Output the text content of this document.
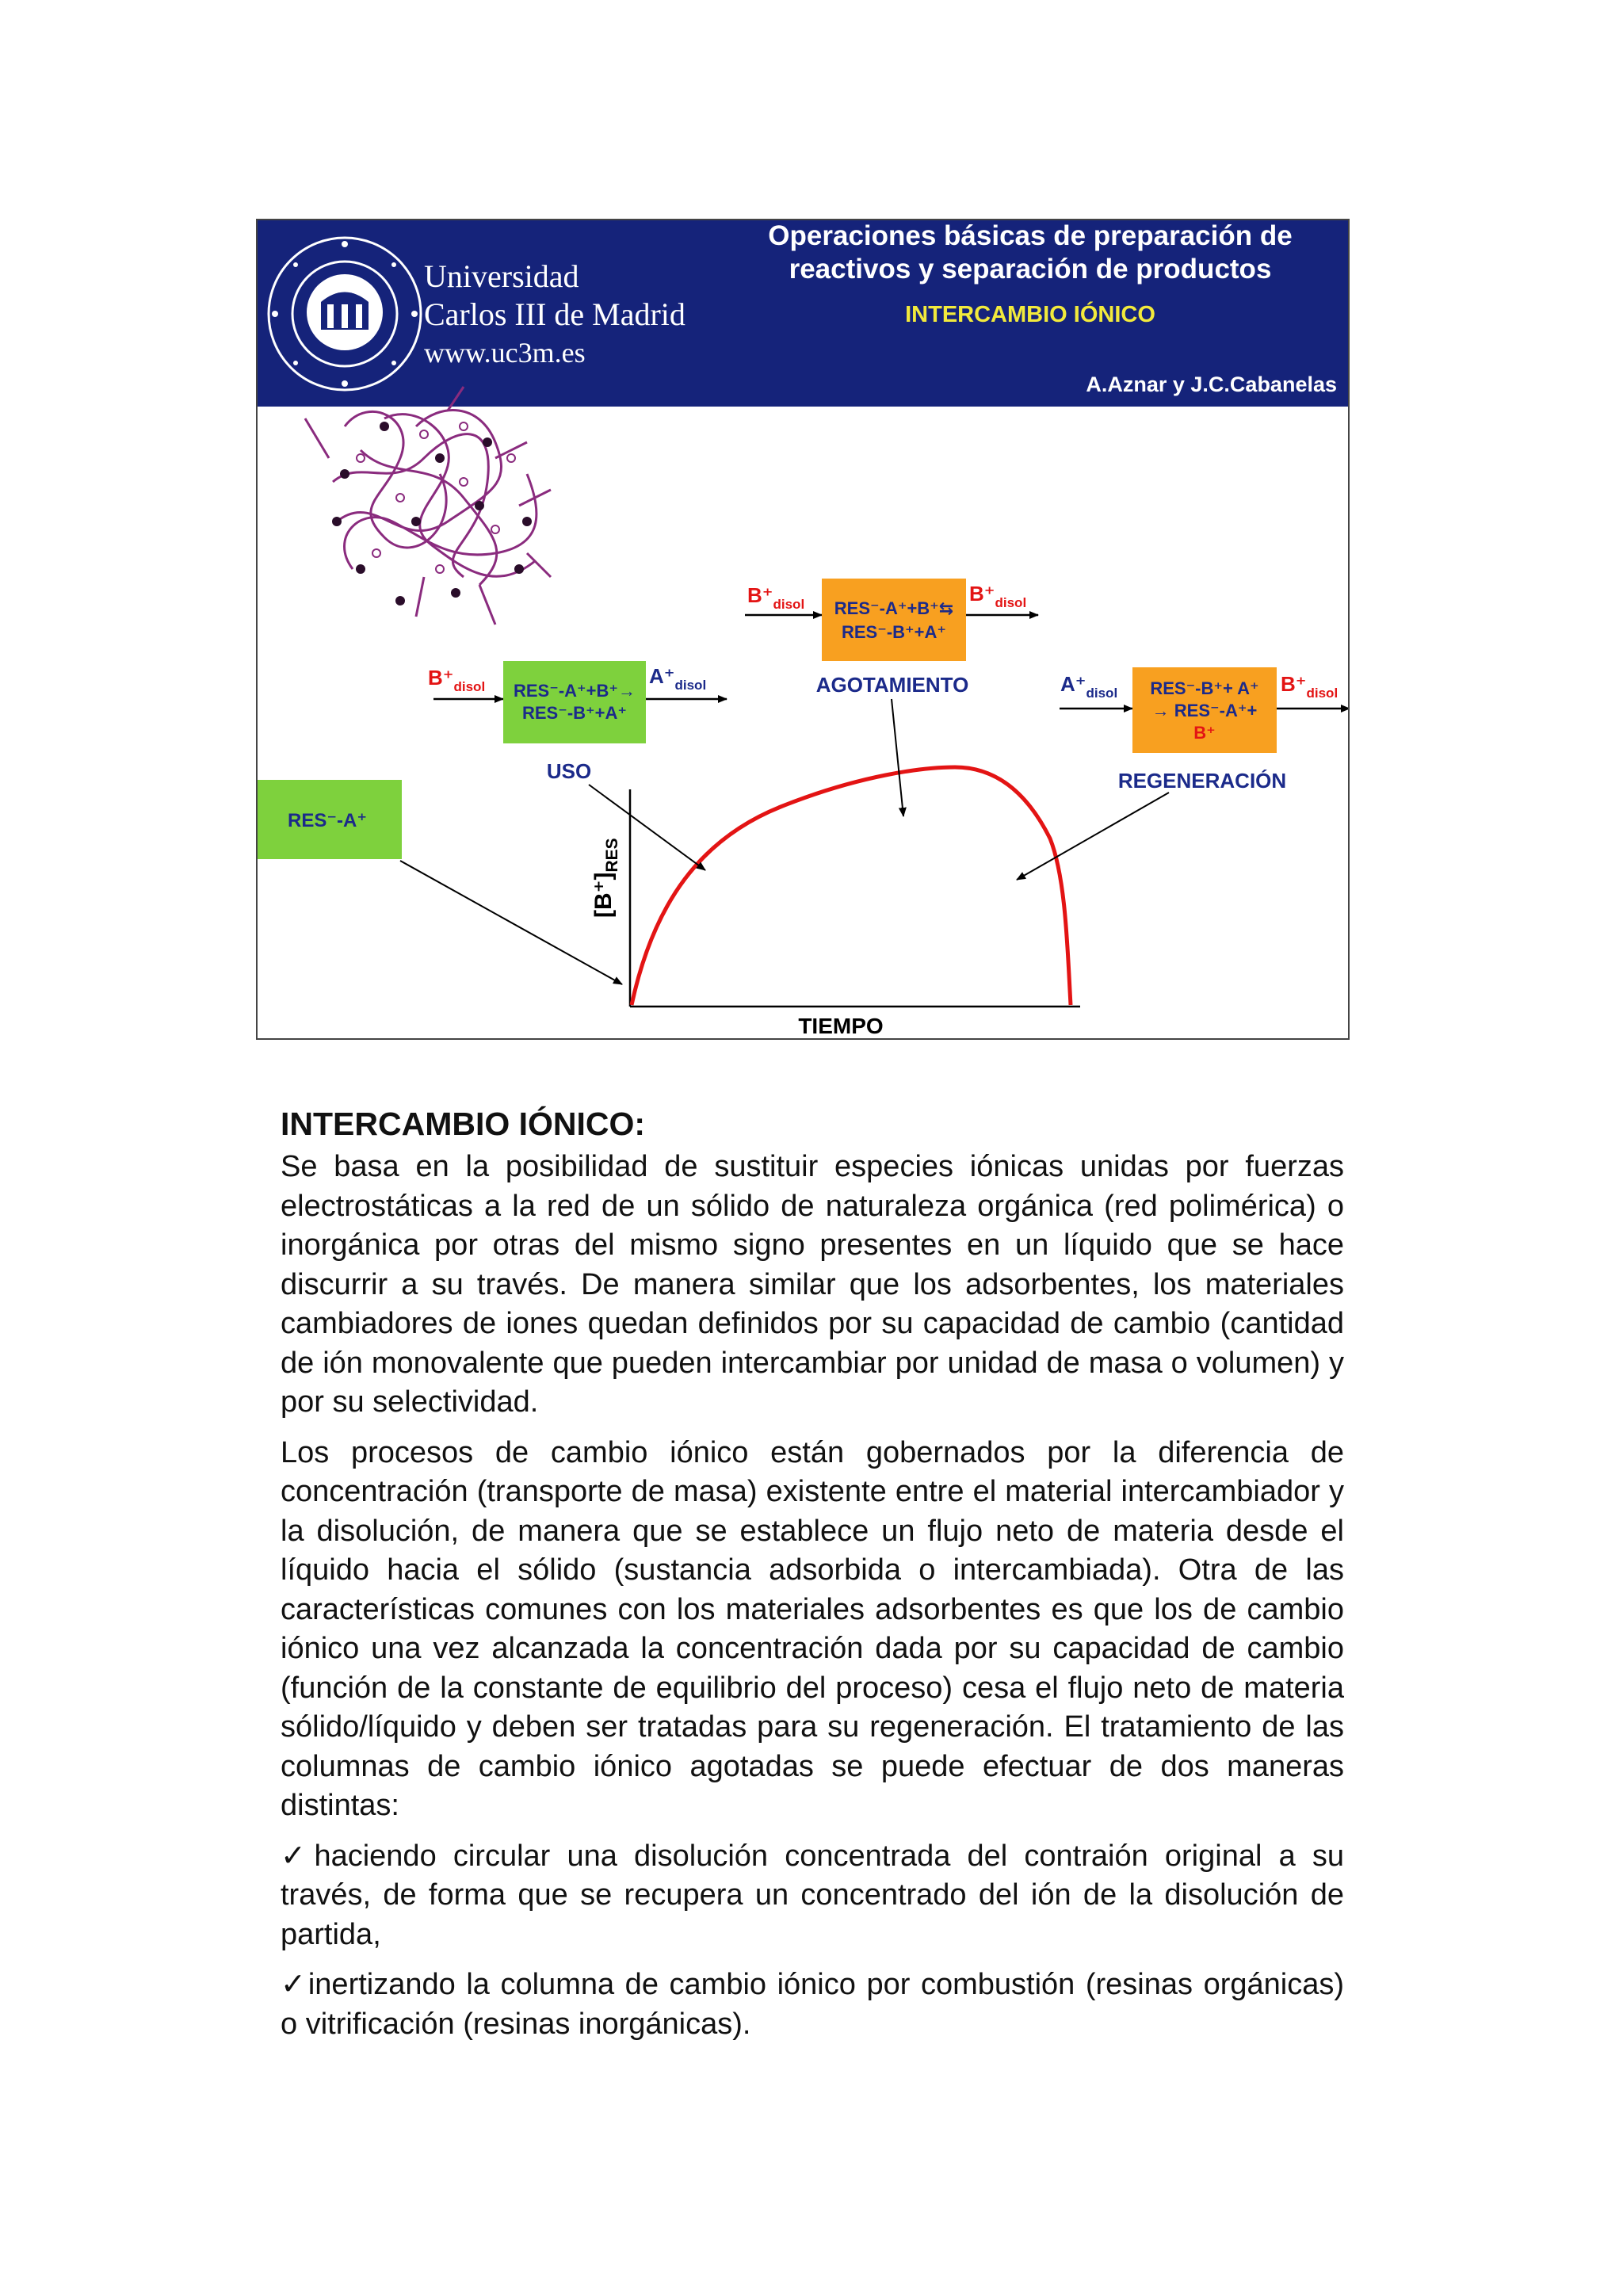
Universidad
Carlos III de Madrid
www.uc3m.es
Operaciones básicas de preparación de
reactivos y separación de productos
INTERCAMBIO IÓNICO
A.Aznar y J.C.Cabanelas
$B^+_{disol}$ RES⁻-A⁺+B⁺⇆
RES⁻-B⁺+A⁺
$B^+_{disol}$
AGOTAMIENTO
$B^+_{disol}$ RES⁻-A⁺+B⁺→
RES⁻-B⁺+A⁺
$A^+_{disol}$
USO
$A^+_{disol}$ RES⁻-B⁺+ A⁺
→ RES⁻-A⁺+
B⁺
$B^+_{disol}$
REGENERACIÓN
RES⁻-A⁺
$[B^+]_{RES}$
TIEMPO
INTERCAMBIO IÓNICO:

Se basa en la posibilidad de sustituir especies iónicas unidas por fuerzas electrostáticas a la red de un sólido de naturaleza orgánica (red polimérica) o inorgánica por otras del mismo signo presentes en un líquido que se hace discurrir a su través. De manera similar que los adsorbentes, los materiales cambiadores de iones quedan definidos por su capacidad de cambio (cantidad de ión monovalente que pueden intercambiar por unidad de masa o volumen) y por su selectividad.

Los procesos de cambio iónico están gobernados por la diferencia de concentración (transporte de masa) existente entre el material intercambiador y la disolución, de manera que se establece un flujo neto de materia desde el líquido hacia el sólido (sustancia adsorbida o intercambiada). Otra de las características comunes con los materiales adsorbentes es que los de cambio iónico una vez alcanzada la concentración dada por su capacidad de cambio (función de la constante de equilibrio del proceso) cesa el flujo neto de materia sólido/líquido y deben ser tratadas para su regeneración. El tratamiento de las columnas de cambio iónico agotadas se puede efectuar de dos maneras distintas:

✓haciendo circular una disolución concentrada del contraión original a su través, de forma que se recupera un concentrado del ión de la disolución de partida,

✓inertizando la columna de cambio iónico por combustión (resinas orgánicas) o vitrificación (resinas inorgánicas).
